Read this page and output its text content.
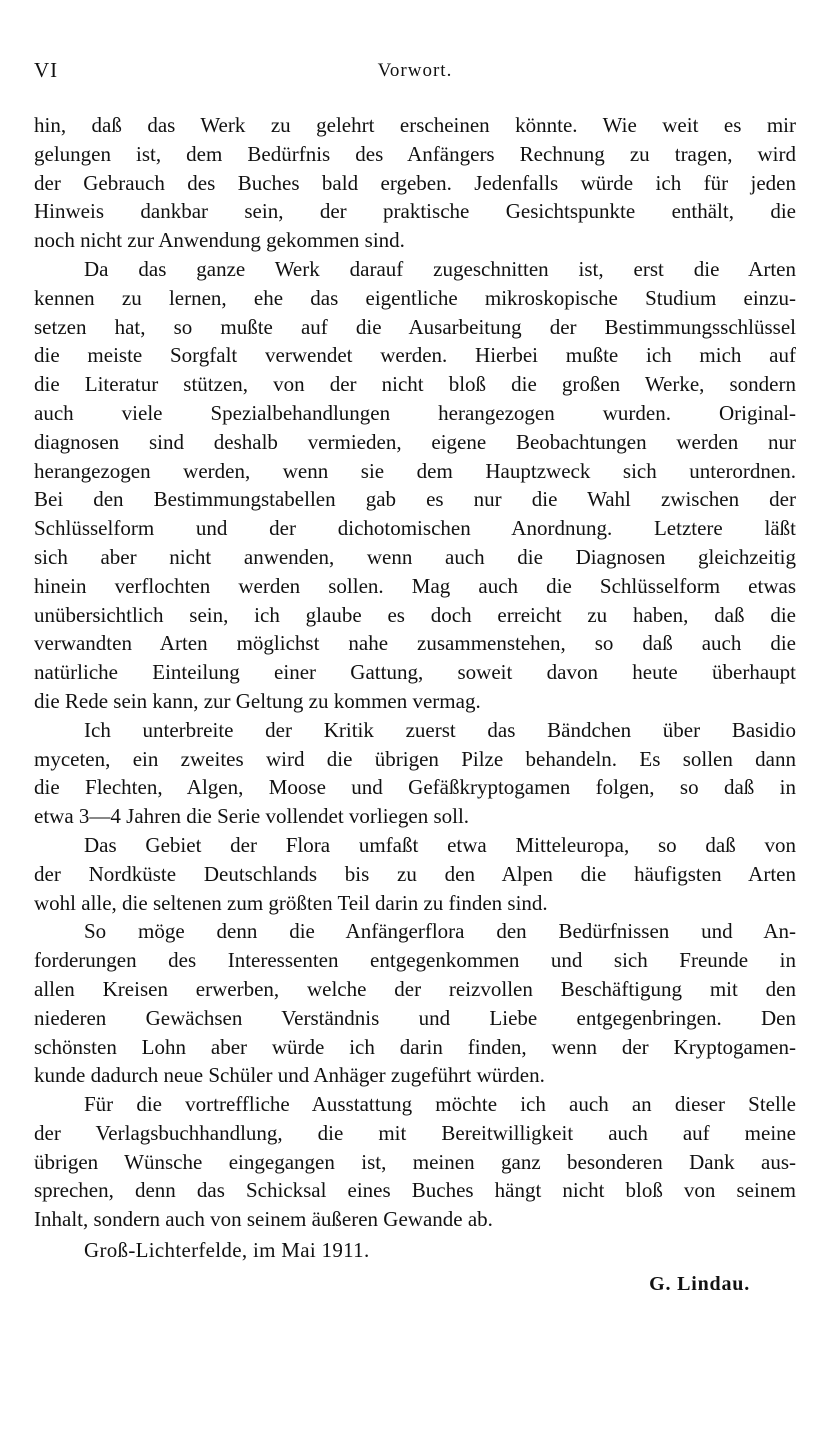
VI	Vorwort.
hin, daß das Werk zu gelehrt erscheinen könnte. Wie weit es mir
gelungen ist, dem Bedürfnis des Anfängers Rechnung zu tragen, wird
der Gebrauch des Buches bald ergeben. Jedenfalls würde ich für jeden
Hinweis dankbar sein, der praktische Gesichtspunkte enthält, die
noch nicht zur Anwendung gekommen sind.
Da das ganze Werk darauf zugeschnitten ist, erst die Arten
kennen zu lernen, ehe das eigentliche mikroskopische Studium einzu-
setzen hat, so mußte auf die Ausarbeitung der Bestimmungsschlüssel
die meiste Sorgfalt verwendet werden. Hierbei mußte ich mich auf
die Literatur stützen, von der nicht bloß die großen Werke, sondern
auch viele Spezialbehandlungen herangezogen wurden. Original-
diagnosen sind deshalb vermieden, eigene Beobachtungen werden nur
herangezogen werden, wenn sie dem Hauptzweck sich unterordnen.
Bei den Bestimmungstabellen gab es nur die Wahl zwischen der
Schlüsselform und der dichotomischen Anordnung. Letztere läßt
sich aber nicht anwenden, wenn auch die Diagnosen gleichzeitig
hinein verflochten werden sollen. Mag auch die Schlüsselform etwas
unübersichtlich sein, ich glaube es doch erreicht zu haben, daß die
verwandten Arten möglichst nahe zusammenstehen, so daß auch die
natürliche Einteilung einer Gattung, soweit davon heute überhaupt
die Rede sein kann, zur Geltung zu kommen vermag.
Ich unterbreite der Kritik zuerst das Bändchen über Basidio
myceten, ein zweites wird die übrigen Pilze behandeln. Es sollen dann
die Flechten, Algen, Moose und Gefäßkryptogamen folgen, so daß in
etwa 3—4 Jahren die Serie vollendet vorliegen soll.
Das Gebiet der Flora umfaßt etwa Mitteleuropa, so daß von
der Nordküste Deutschlands bis zu den Alpen die häufigsten Arten
wohl alle, die seltenen zum größten Teil darin zu finden sind.
So möge denn die Anfängerflora den Bedürfnissen und An-
forderungen des Interessenten entgegenkommen und sich Freunde in
allen Kreisen erwerben, welche der reizvollen Beschäftigung mit den
niederen Gewächsen Verständnis und Liebe entgegenbringen. Den
schönsten Lohn aber würde ich darin finden, wenn der Kryptogamen-
kunde dadurch neue Schüler und Anhäger zugeführt würden.
Für die vortreffliche Ausstattung möchte ich auch an dieser Stelle
der Verlagsbuchhandlung, die mit Bereitwilligkeit auch auf meine
übrigen Wünsche eingegangen ist, meinen ganz besonderen Dank aus-
sprechen, denn das Schicksal eines Buches hängt nicht bloß von seinem
Inhalt, sondern auch von seinem äußeren Gewande ab.
Groß-Lichterfelde, im Mai 1911.
G. Lindau.
